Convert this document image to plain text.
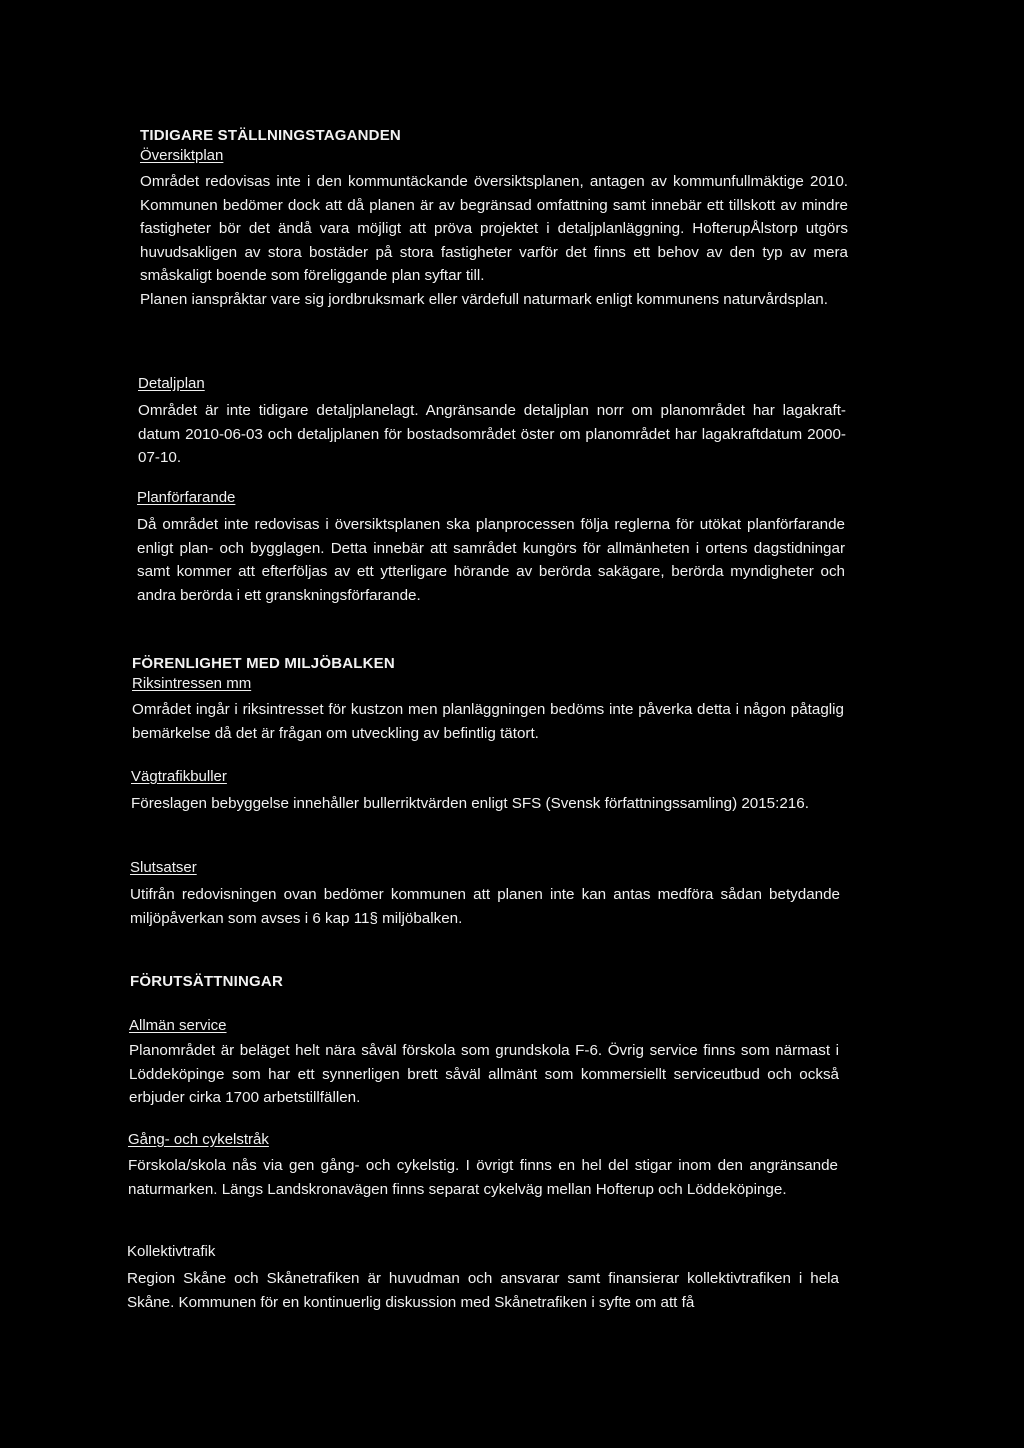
TIDIGARE STÄLLNINGSTAGANDEN
Översiktplan

Området redovisas inte i den kommuntäckande översiktsplanen, antagen av kommunfullmäktige 2010. Kommunen bedömer dock att då planen är av begränsad omfattning samt innebär ett tillskott av mindre fastigheter bör det ändå vara möjligt att pröva projektet i detaljplanläggning. HofterupÅlstorp utgörs huvudsakligen av stora bostäder på stora fastigheter varför det finns ett behov av den typ av mera småskaligt boende som föreliggande plan syftar till.

Planen ianspråktar vare sig jordbruksmark eller värdefull naturmark enligt kommunens naturvårdsplan.

Detaljplan

Området är inte tidigare detaljplanelagt. Angränsande detaljplan norr om planområdet har lagakraft-datum 2010-06-03 och detaljplanen för bostadsområdet öster om planområdet har lagakraftdatum 2000-07-10.

Planförfarande

Då området inte redovisas i översiktsplanen ska planprocessen följa reglerna för utökat planförfarande enligt plan- och bygglagen. Detta innebär att samrådet kungörs för allmänheten i ortens dagstidningar samt kommer att efterföljas av ett ytterligare hörande av berörda sakägare, berörda myndigheter och andra berörda i ett granskningsförfarande.

FÖRENLIGHET MED MILJÖBALKEN
Riksintressen mm

Området ingår i riksintresset för kustzon men planläggningen bedöms inte påverka detta i någon påtaglig bemärkelse då det är frågan om utveckling av befintlig tätort.

Vägtrafikbuller

Föreslagen bebyggelse innehåller bullerriktvärden enligt SFS (Svensk författningssamling) 2015:216.

Slutsatser

Utifrån redovisningen ovan bedömer kommunen att planen inte kan antas medföra sådan betydande miljöpåverkan som avses i 6 kap 11§ miljöbalken.

FÖRUTSÄTTNINGAR
Allmän service

Planområdet är beläget helt nära såväl förskola som grundskola F-6. Övrig service finns som närmast i Löddeköpinge som har ett synnerligen brett såväl allmänt som kommersiellt serviceutbud och också erbjuder cirka 1700 arbetstillfällen.

Gång- och cykelstråk

Förskola/skola nås via gen gång- och cykelstig. I övrigt finns en hel del stigar inom den angränsande naturmarken. Längs Landskronavägen finns separat cykelväg mellan Hofterup och Löddeköpinge.

Kollektivtrafik

Region Skåne och Skånetrafiken är huvudman och ansvarar samt finansierar kollektivtrafiken i hela Skåne. Kommunen för en kontinuerlig diskussion med Skånetrafiken i syfte om att få
